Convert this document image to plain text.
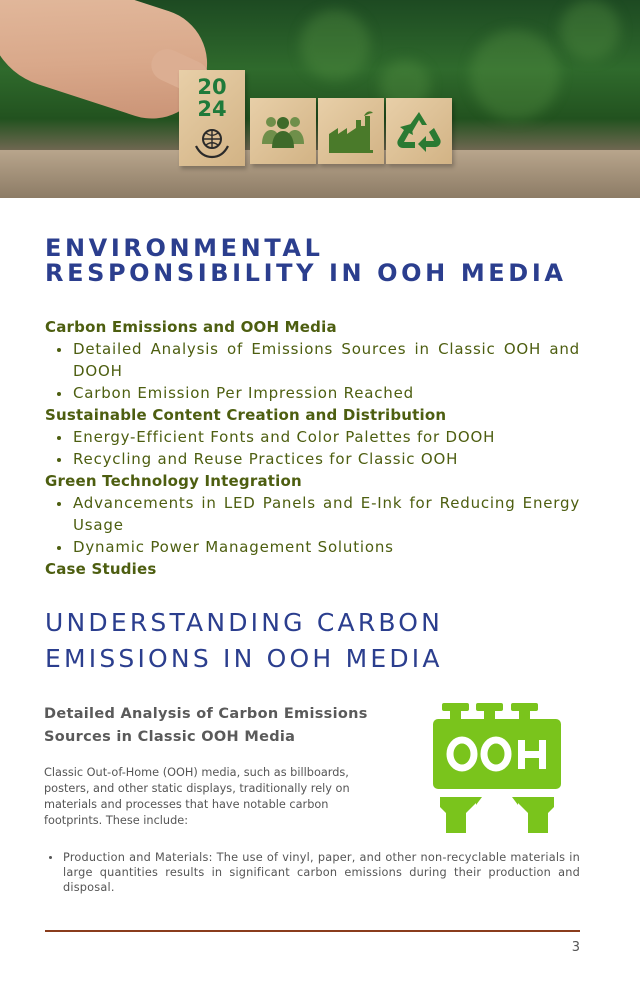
20
24
ENVIRONMENTAL RESPONSIBILITY IN OOH MEDIA
Carbon Emissions and OOH Media
Detailed Analysis of Emissions Sources in Classic OOH and DOOH
Carbon Emission Per Impression Reached
Sustainable Content Creation and Distribution
Energy-Efficient Fonts and Color Palettes for DOOH
Recycling and Reuse Practices for Classic OOH
Green Technology Integration
Advancements in LED Panels and E-Ink for Reducing Energy Usage
Dynamic Power Management Solutions
Case Studies
UNDERSTANDING CARBON EMISSIONS IN OOH MEDIA
Detailed Analysis of Carbon Emissions Sources in Classic OOH Media

Classic Out-of-Home (OOH) media, such as billboards, posters, and other static displays, traditionally rely on materials and processes that have notable carbon footprints. These include:

Production and Materials: The use of vinyl, paper, and other non-recyclable materials in large quantities results in significant carbon emissions during their production and disposal.
3
